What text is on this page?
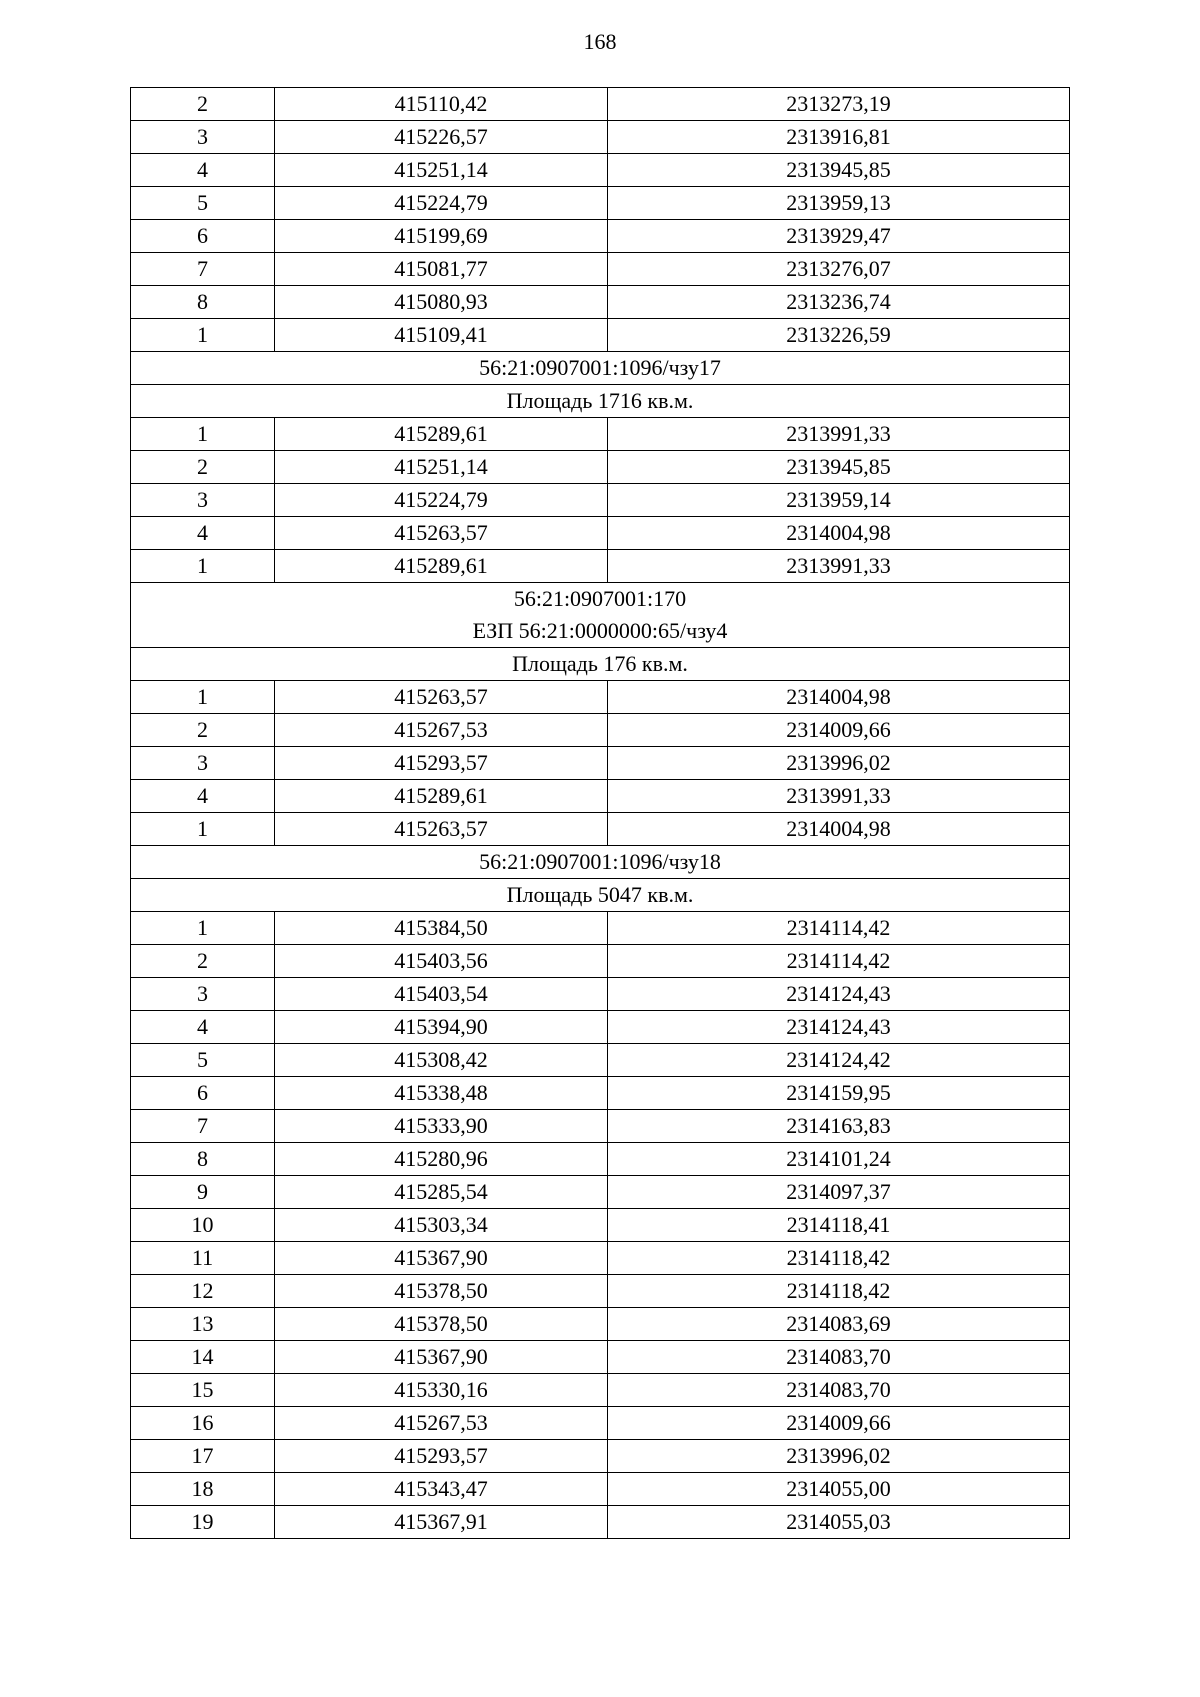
168
2	415110,42	2313273,19
3	415226,57	2313916,81
4	415251,14	2313945,85
5	415224,79	2313959,13
6	415199,69	2313929,47
7	415081,77	2313276,07
8	415080,93	2313236,74
1	415109,41	2313226,59

56:21:0907001:1096/чзу17		

Площадь 1716 кв.м.		
1	415289,61	2313991,33
2	415251,14	2313945,85
3	415224,79	2313959,14
4	415263,57	2314004,98
1	415289,61	2313991,33

56:21:0907001:170
ЕЗП 56:21:0000000:65/чзу4		

Площадь 176 кв.м.		
1	415263,57	2314004,98
2	415267,53	2314009,66
3	415293,57	2313996,02
4	415289,61	2313991,33
1	415263,57	2314004,98

56:21:0907001:1096/чзу18		

Площадь 5047 кв.м.		
1	415384,50	2314114,42
2	415403,56	2314114,42
3	415403,54	2314124,43
4	415394,90	2314124,43
5	415308,42	2314124,42
6	415338,48	2314159,95
7	415333,90	2314163,83
8	415280,96	2314101,24
9	415285,54	2314097,37
10	415303,34	2314118,41
11	415367,90	2314118,42
12	415378,50	2314118,42
13	415378,50	2314083,69
14	415367,90	2314083,70
15	415330,16	2314083,70
16	415267,53	2314009,66
17	415293,57	2313996,02
18	415343,47	2314055,00
19	415367,91	2314055,03
